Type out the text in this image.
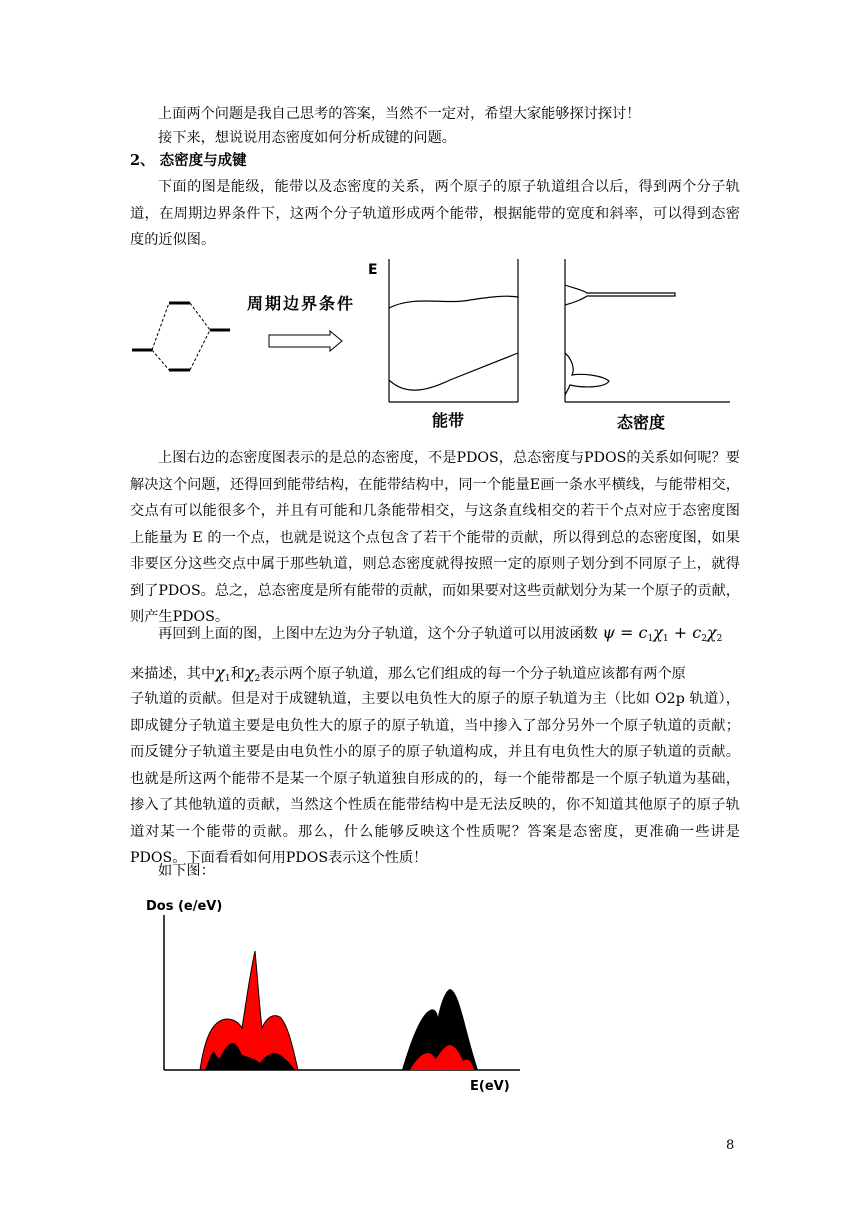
上面两个问题是我自己思考的答案，当然不一定对，希望大家能够探讨探讨！

接下来，想说说用态密度如何分析成键的问题。

2、 态密度与成键

下面的图是能级，能带以及态密度的关系，两个原子的原子轨道组合以后，得到两个分子轨道，在周期边界条件下，这两个分子轨道形成两个能带，根据能带的宽度和斜率，可以得到态密度的近似图。

周期边界条件
E
能带	态密度

上图右边的态密度图表示的是总的态密度，不是PDOS，总态密度与PDOS的关系如何呢？要解决这个问题，还得回到能带结构，在能带结构中，同一个能量E画一条水平横线，与能带相交，交点有可以能很多个，并且有可能和几条能带相交，与这条直线相交的若干个点对应于态密度图上能量为 E 的一个点，也就是说这个点包含了若干个能带的贡献，所以得到总的态密度图，如果非要区分这些交点中属于那些轨道，则总态密度就得按照一定的原则子划分到不同原子上，就得到了PDOS。总之，总态密度是所有能带的贡献，而如果要对这些贡献划分为某一个原子的贡献，则产生PDOS。

再回到上面的图，上图中左边为分子轨道，这个分子轨道可以用波函数 $\psi = c_1\chi_1 + c_2\chi_2$
来描述，其中$\chi_1$和$\chi_2$表示两个原子轨道，那么它们组成的每一个分子轨道应该都有两个原

子轨道的贡献。但是对于成键轨道，主要以电负性大的原子的原子轨道为主（比如 O2p 轨道），即成键分子轨道主要是电负性大的原子的原子轨道，当中掺入了部分另外一个原子轨道的贡献；而反键分子轨道主要是由电负性小的原子的原子轨道构成，并且有电负性大的原子轨道的贡献。也就是所这两个能带不是某一个原子轨道独自形成的的，每一个能带都是一个原子轨道为基础，掺入了其他轨道的贡献，当然这个性质在能带结构中是无法反映的，你不知道其他原子的原子轨道对某一个能带的贡献。那么，什么能够反映这个性质呢？答案是态密度，更准确一些讲是PDOS。下面看看如何用PDOS表示这个性质！

如下图：

Dos (e/eV)
E(eV)
8
